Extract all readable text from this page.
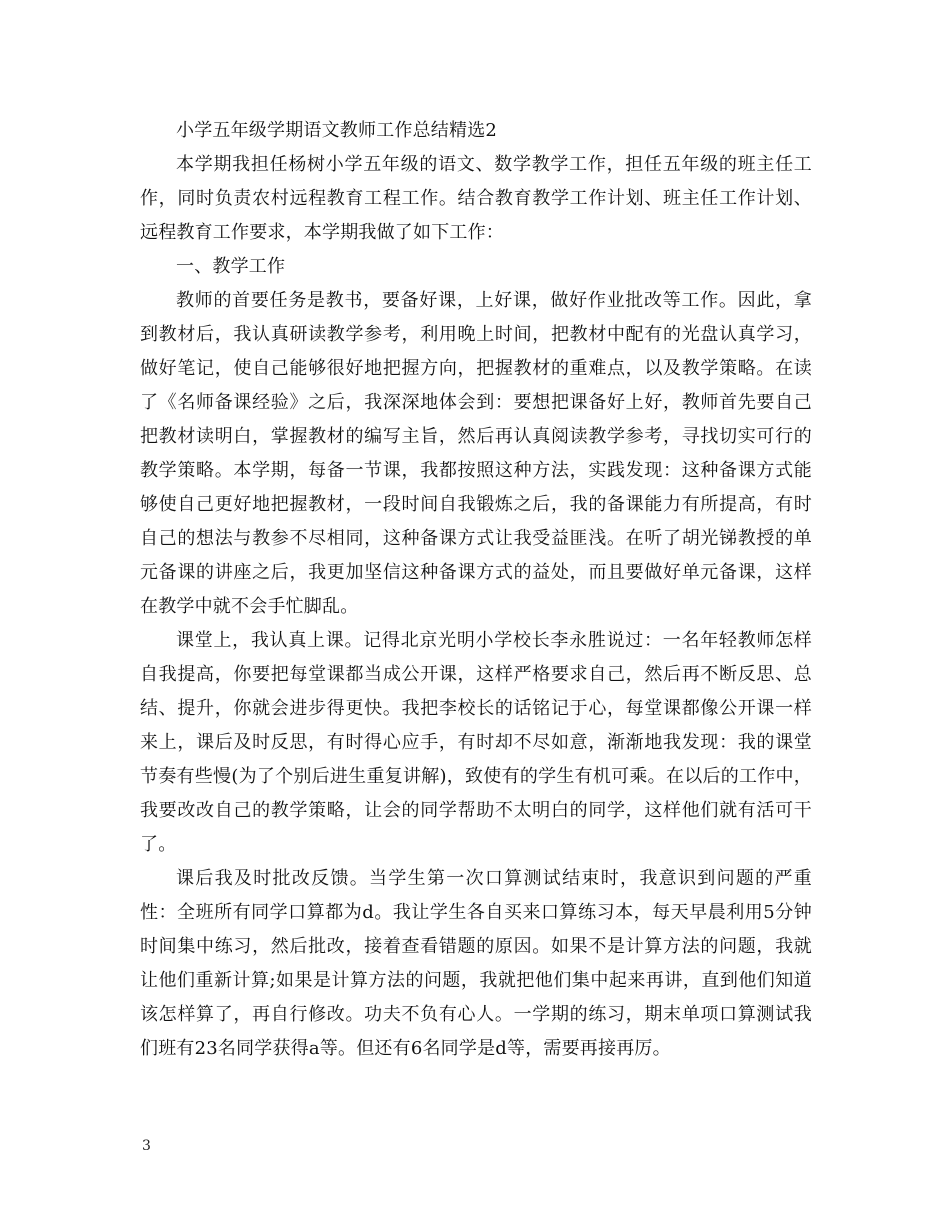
小学五年级学期语文教师工作总结精选2

本学期我担任杨树小学五年级的语文、数学教学工作，担任五年级的班主任工作，同时负责农村远程教育工程工作。结合教育教学工作计划、班主任工作计划、远程教育工作要求，本学期我做了如下工作：

一、教学工作

教师的首要任务是教书，要备好课，上好课，做好作业批改等工作。因此，拿到教材后，我认真研读教学参考，利用晚上时间，把教材中配有的光盘认真学习，做好笔记，使自己能够很好地把握方向，把握教材的重难点，以及教学策略。在读了《名师备课经验》之后，我深深地体会到：要想把课备好上好，教师首先要自己把教材读明白，掌握教材的编写主旨，然后再认真阅读教学参考，寻找切实可行的教学策略。本学期，每备一节课，我都按照这种方法，实践发现：这种备课方式能够使自己更好地把握教材，一段时间自我锻炼之后，我的备课能力有所提高，有时自己的想法与教参不尽相同，这种备课方式让我受益匪浅。在听了胡光锑教授的单元备课的讲座之后，我更加坚信这种备课方式的益处，而且要做好单元备课，这样在教学中就不会手忙脚乱。

课堂上，我认真上课。记得北京光明小学校长李永胜说过：一名年轻教师怎样自我提高，你要把每堂课都当成公开课，这样严格要求自己，然后再不断反思、总结、提升，你就会进步得更快。我把李校长的话铭记于心，每堂课都像公开课一样来上，课后及时反思，有时得心应手，有时却不尽如意，渐渐地我发现：我的课堂节奏有些慢(为了个别后进生重复讲解)，致使有的学生有机可乘。在以后的工作中，我要改改自己的教学策略，让会的同学帮助不太明白的同学，这样他们就有活可干了。

课后我及时批改反馈。当学生第一次口算测试结束时，我意识到问题的严重性：全班所有同学口算都为d。我让学生各自买来口算练习本，每天早晨利用5分钟时间集中练习，然后批改，接着查看错题的原因。如果不是计算方法的问题，我就让他们重新计算;如果是计算方法的问题，我就把他们集中起来再讲，直到他们知道该怎样算了，再自行修改。功夫不负有心人。一学期的练习，期末单项口算测试我们班有23名同学获得a等。但还有6名同学是d等，需要再接再厉。

3
